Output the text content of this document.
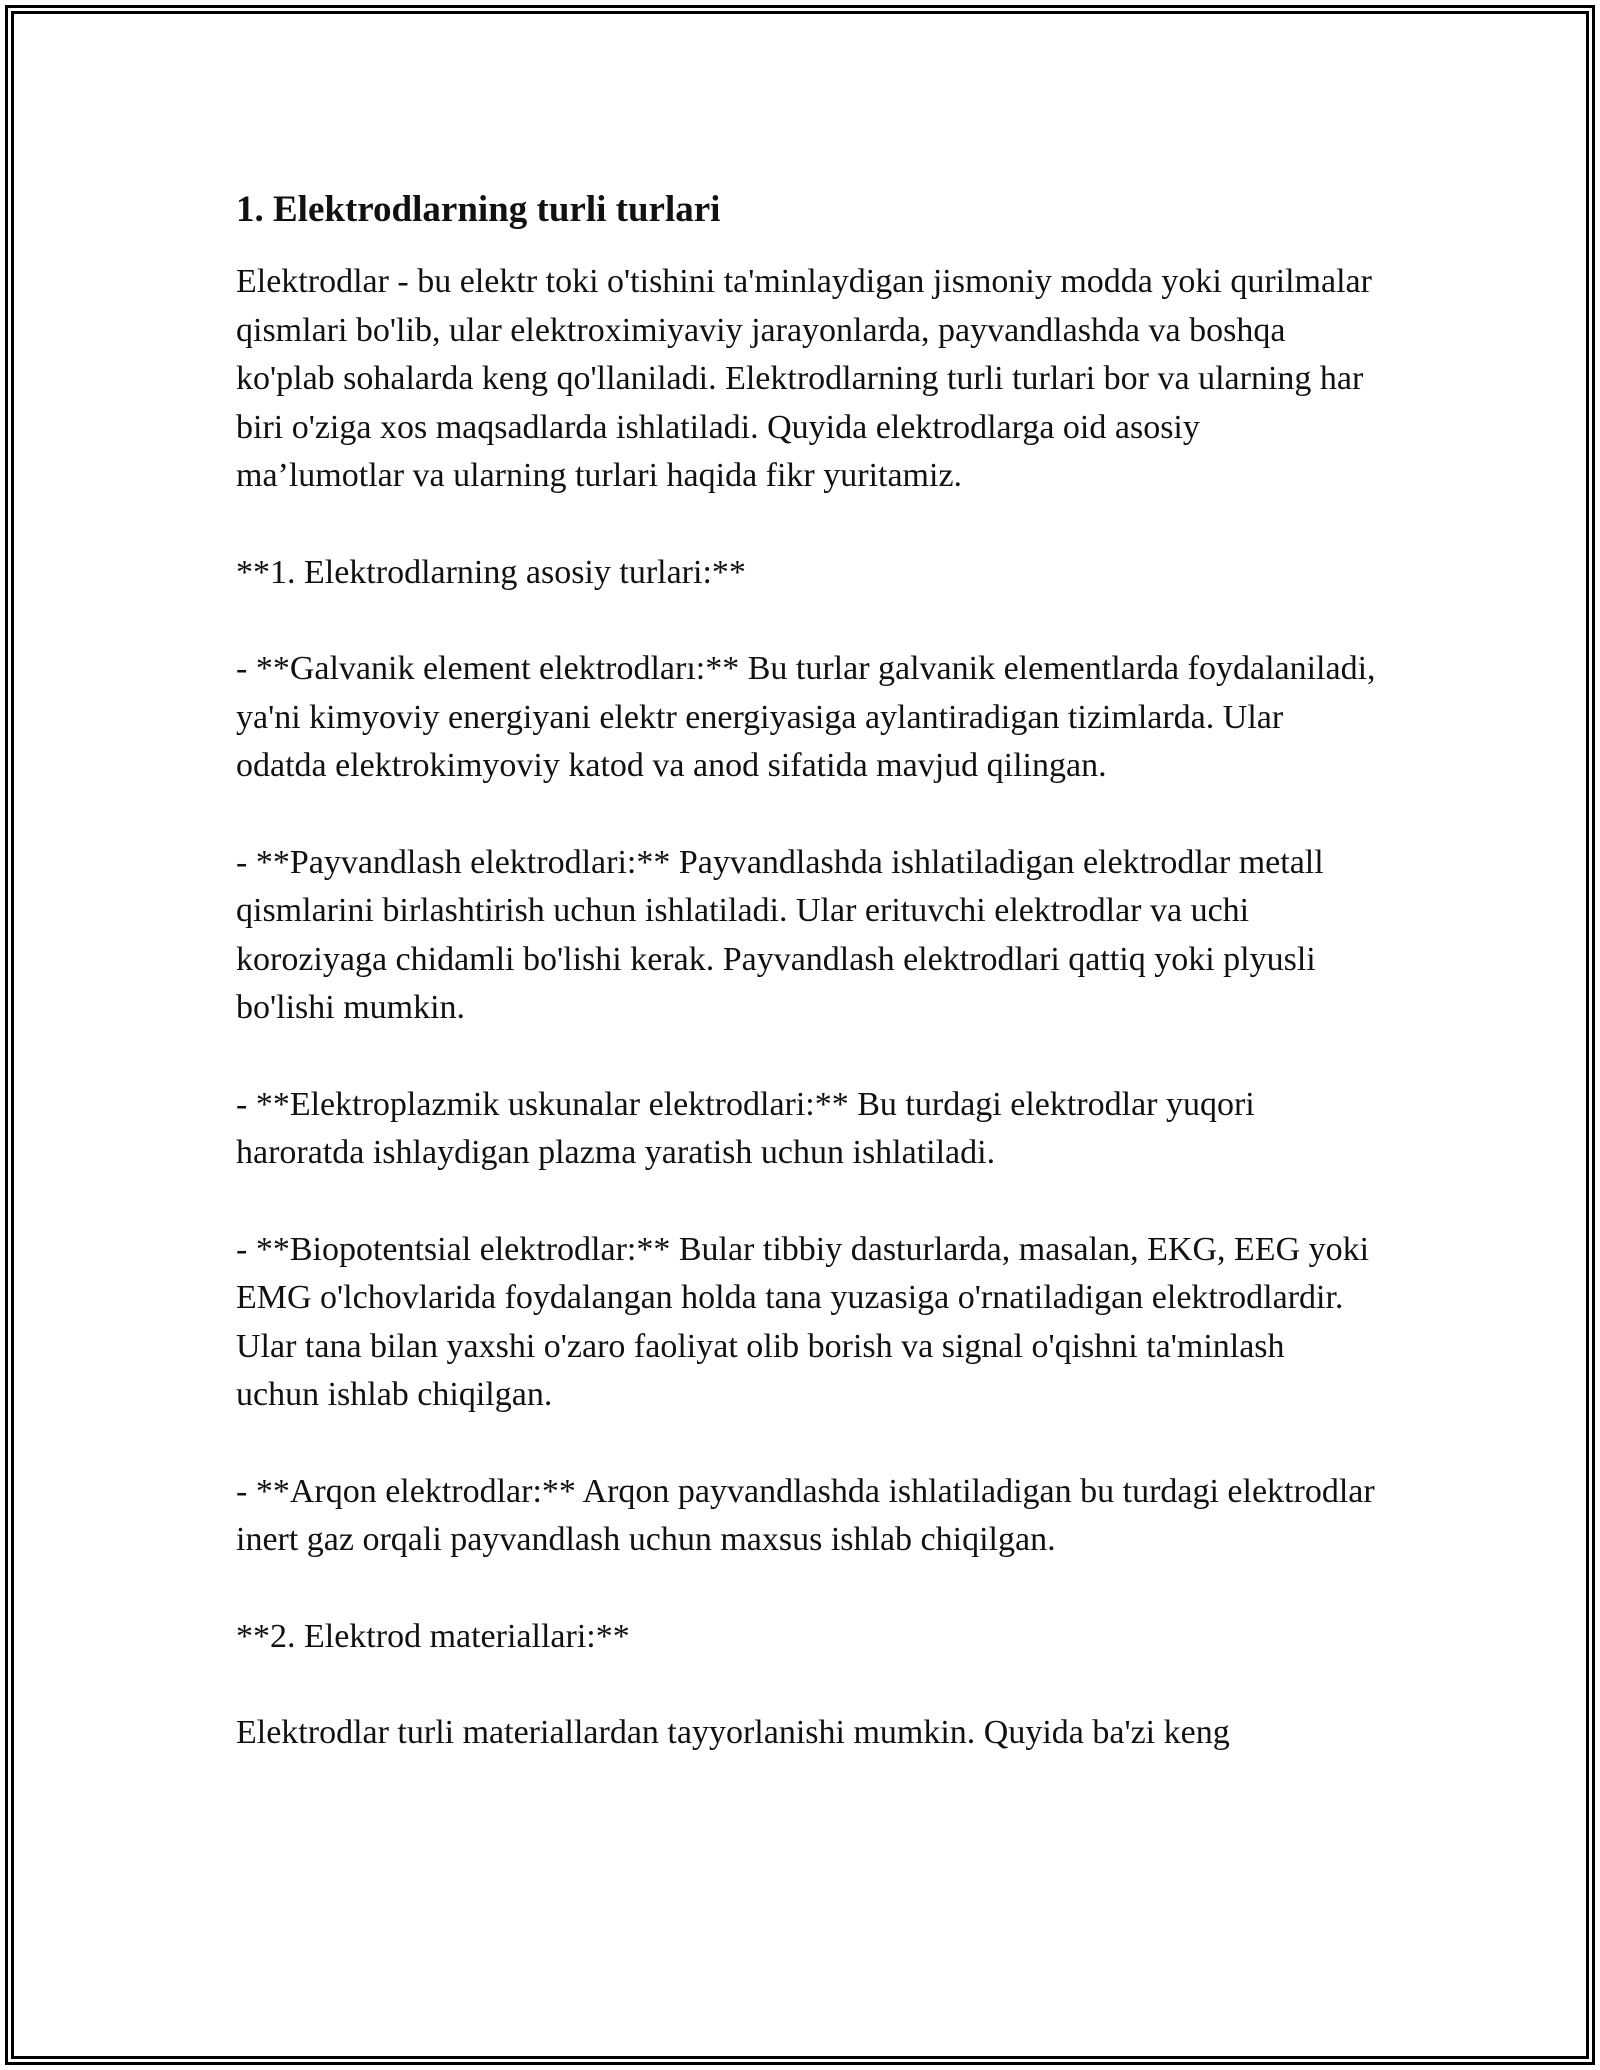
1. Elektrodlarning turli turlari

Elektrodlar - bu elektr toki o'tishini ta'minlaydigan jismoniy modda yoki qurilmalar qismlari bo'lib, ular elektroximiyaviy jarayonlarda, payvandlashda va boshqa ko'plab sohalarda keng qo'llaniladi. Elektrodlarning turli turlari bor va ularning har biri o'ziga xos maqsadlarda ishlatiladi. Quyida elektrodlarga oid asosiy ma’lumotlar va ularning turlari haqida fikr yuritamiz.

**1. Elektrodlarning asosiy turlari:**

- **Galvanik element elektrodları:** Bu turlar galvanik elementlarda foydalaniladi, ya'ni kimyoviy energiyani elektr energiyasiga aylantiradigan tizimlarda. Ular odatda elektrokimyoviy katod va anod sifatida mavjud qilingan.

- **Payvandlash elektrodlari:** Payvandlashda ishlatiladigan elektrodlar metall qismlarini birlashtirish uchun ishlatiladi. Ular erituvchi elektrodlar va uchi koroziyaga chidamli bo'lishi kerak. Payvandlash elektrodlari qattiq yoki plyusli bo'lishi mumkin.

- **Elektroplazmik uskunalar elektrodlari:** Bu turdagi elektrodlar yuqori haroratda ishlaydigan plazma yaratish uchun ishlatiladi.

- **Biopotentsial elektrodlar:** Bular tibbiy dasturlarda, masalan, EKG, EEG yoki EMG o'lchovlarida foydalangan holda tana yuzasiga o'rnatiladigan elektrodlardir. Ular tana bilan yaxshi o'zaro faoliyat olib borish va signal o'qishni ta'minlash uchun ishlab chiqilgan.

- **Arqon elektrodlar:** Arqon payvandlashda ishlatiladigan bu turdagi elektrodlar inert gaz orqali payvandlash uchun maxsus ishlab chiqilgan.

**2. Elektrod materiallari:**

Elektrodlar turli materiallardan tayyorlanishi mumkin. Quyida ba'zi keng
